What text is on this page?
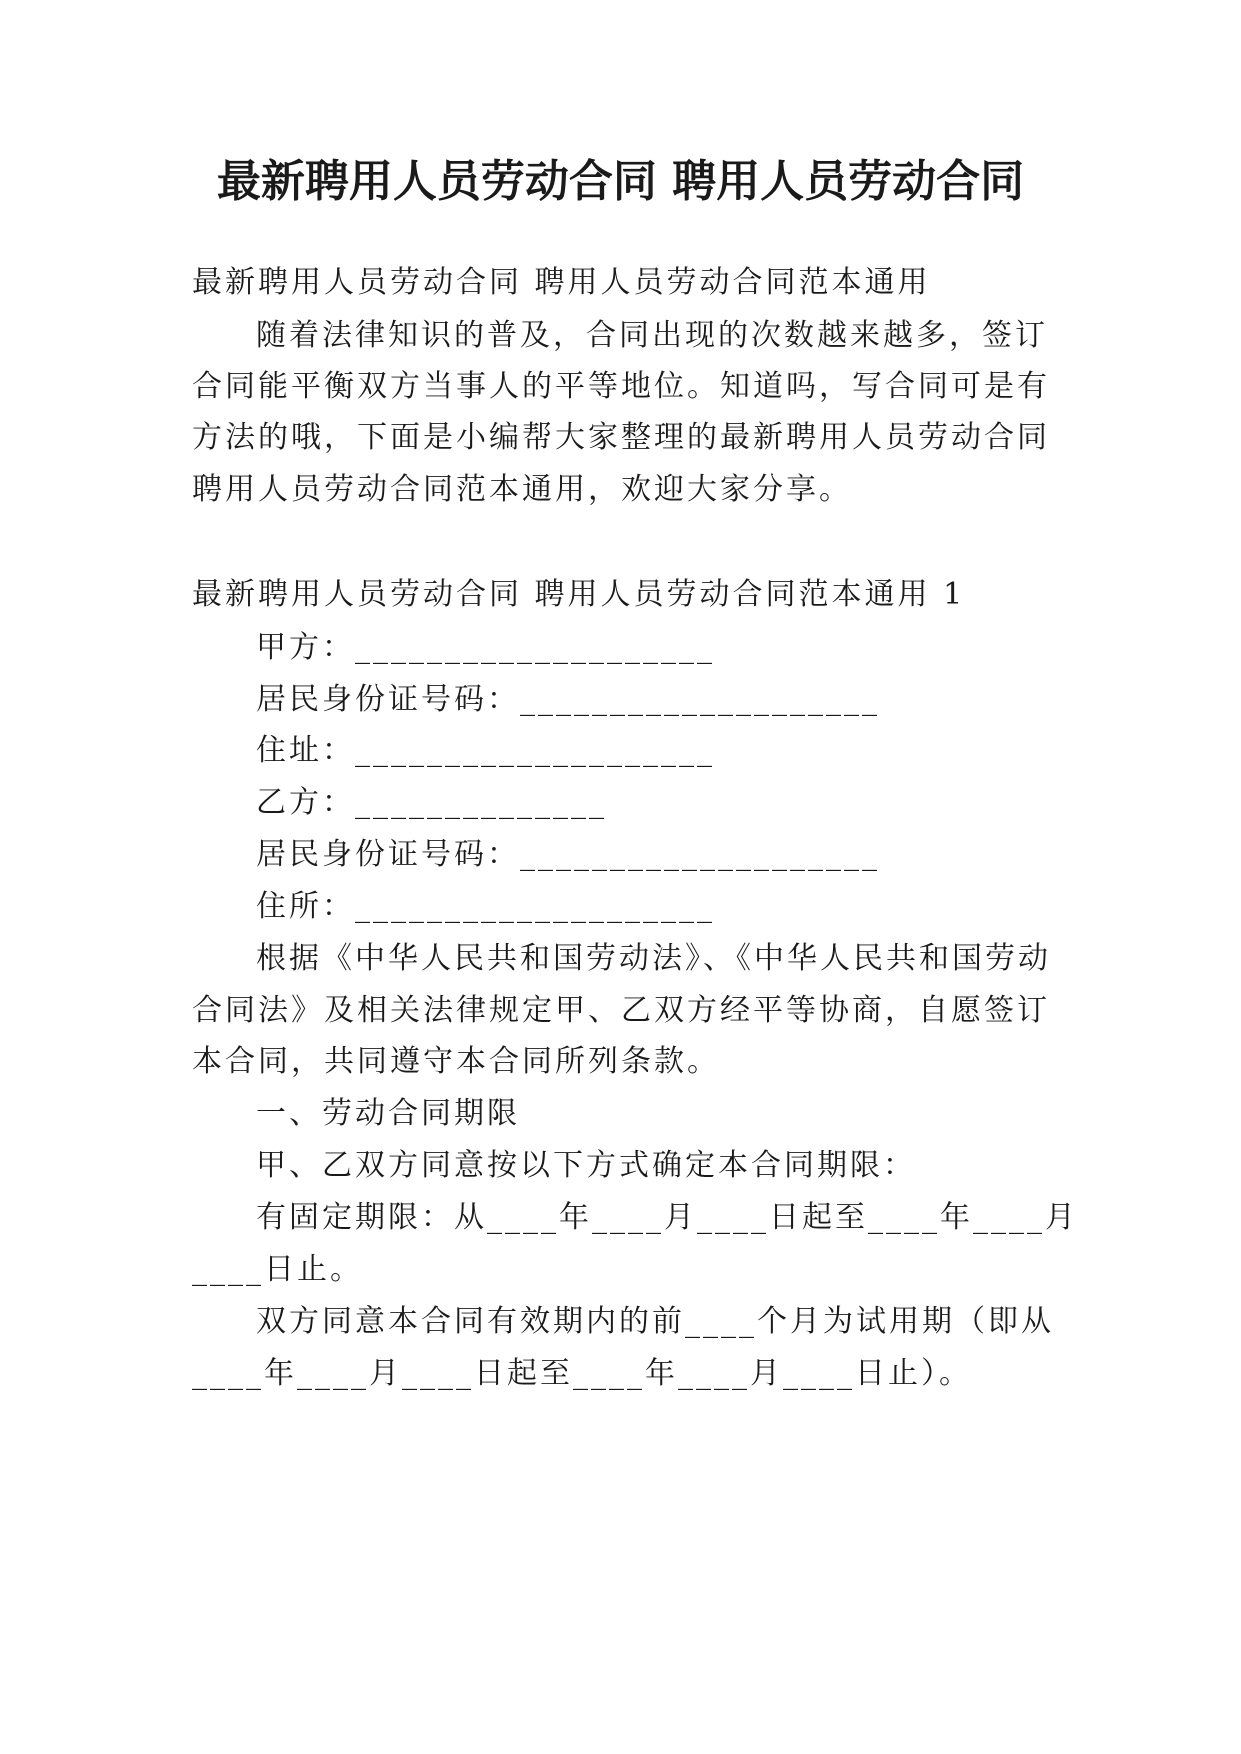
最新聘用人员劳动合同 聘用人员劳动合同
最新聘用人员劳动合同 聘用人员劳动合同范本通用
随着法律知识的普及，合同出现的次数越来越多，签订
合同能平衡双方当事人的平等地位。知道吗，写合同可是有
方法的哦，下面是小编帮大家整理的最新聘用人员劳动合同
聘用人员劳动合同范本通用，欢迎大家分享。
最新聘用人员劳动合同 聘用人员劳动合同范本通用 1
甲方：____________________
居民身份证号码：____________________
住址：____________________
乙方：______________
居民身份证号码：____________________
住所：____________________
根据《中华人民共和国劳动法》、《中华人民共和国劳动
合同法》及相关法律规定甲、乙双方经平等协商，自愿签订
本合同，共同遵守本合同所列条款。
一、劳动合同期限
甲、乙双方同意按以下方式确定本合同期限：
有固定期限：从____年____月____日起至____年____月
____日止。
双方同意本合同有效期内的前____个月为试用期（即从
____年____月____日起至____年____月____日止）。
